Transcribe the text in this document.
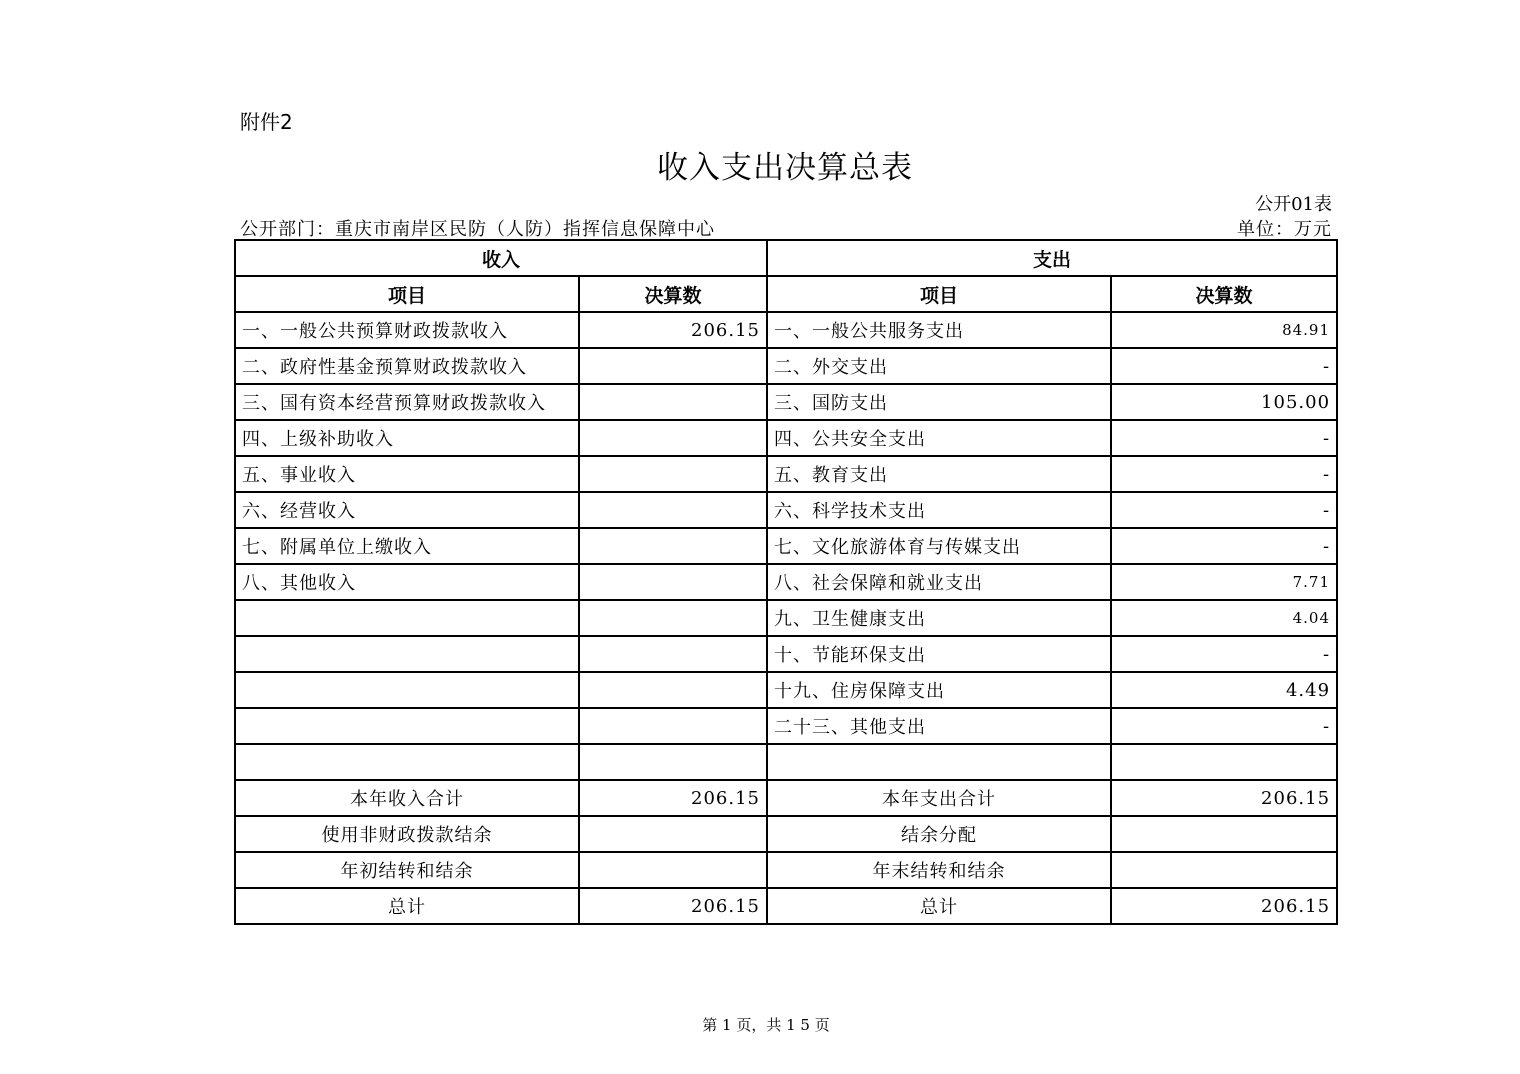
附件2
收入支出决算总表
公开01表
公开部门：重庆市南岸区民防（人防）指挥信息保障中心	单位：万元
收入		支出	
项目	决算数	项目	决算数
一、一般公共预算财政拨款收入	206.15	一、一般公共服务支出	84.91
二、政府性基金预算财政拨款收入		二、外交支出	-
三、国有资本经营预算财政拨款收入		三、国防支出	105.00
四、上级补助收入		四、公共安全支出	-
五、事业收入		五、教育支出	-
六、经营收入		六、科学技术支出	-
七、附属单位上缴收入		七、文化旅游体育与传媒支出	-
八、其他收入		八、社会保障和就业支出	7.71
		九、卫生健康支出	4.04
		十、节能环保支出	-
		十九、住房保障支出	4.49
		二十三、其他支出	-

本年收入合计	206.15	本年支出合计	206.15
使用非财政拨款结余		结余分配	
年初结转和结余		年末结转和结余	
总计	206.15	总计	206.15
第 1 页，共 1 5 页
